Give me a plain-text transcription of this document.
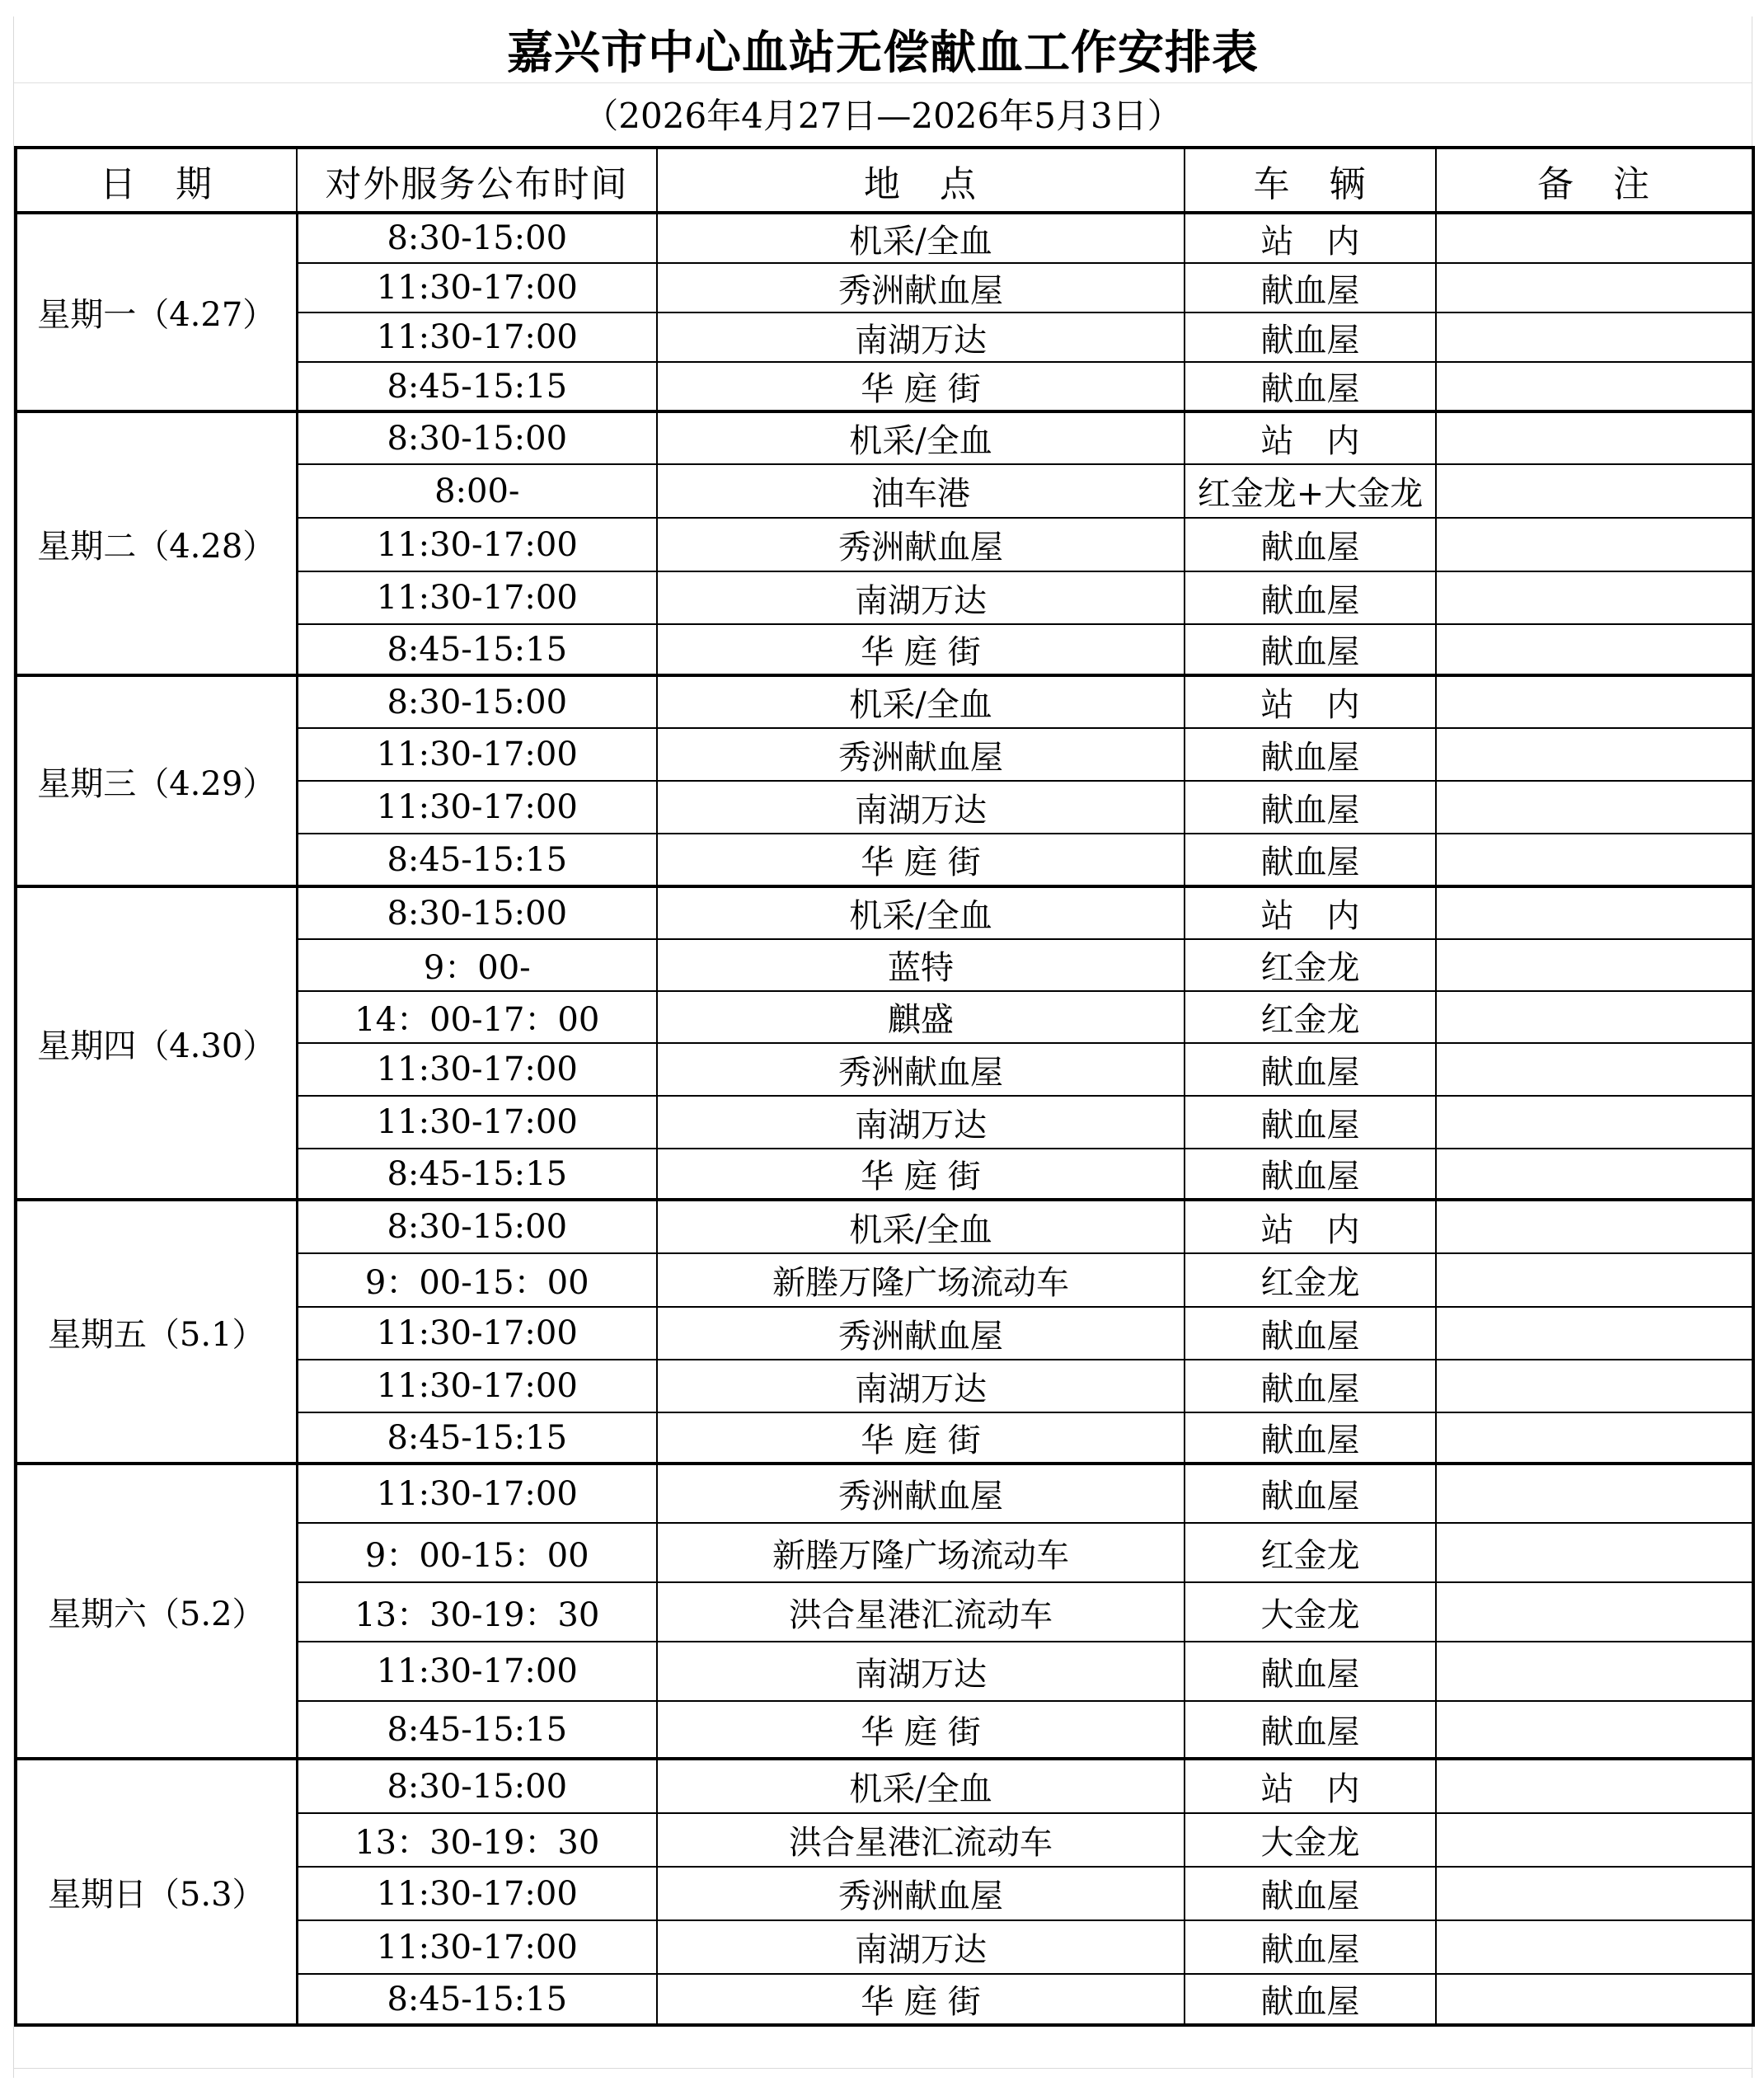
嘉兴市中心血站无偿献血工作安排表
（2026年4月27日—2026年5月3日）
日　期	对外服务公布时间	地　点	车　辆	备　注
星期一（4.27）	8:30-15:00	机采/全血	站　内	
	11:30-17:00	秀洲献血屋	献血屋	
	11:30-17:00	南湖万达	献血屋	
	8:45-15:15	华 庭 街	献血屋	
星期二（4.28）	8:30-15:00	机采/全血	站　内	
	8:00-	油车港	红金龙+大金龙	
	11:30-17:00	秀洲献血屋	献血屋	
	11:30-17:00	南湖万达	献血屋	
	8:45-15:15	华 庭 街	献血屋	
星期三（4.29）	8:30-15:00	机采/全血	站　内	
	11:30-17:00	秀洲献血屋	献血屋	
	11:30-17:00	南湖万达	献血屋	
	8:45-15:15	华 庭 街	献血屋	
星期四（4.30）	8:30-15:00	机采/全血	站　内	
	9：00-	蓝特	红金龙	
	14：00-17：00	麒盛	红金龙	
	11:30-17:00	秀洲献血屋	献血屋	
	11:30-17:00	南湖万达	献血屋	
	8:45-15:15	华 庭 街	献血屋	
星期五（5.1）	8:30-15:00	机采/全血	站　内	
	9：00-15：00	新塍万隆广场流动车	红金龙	
	11:30-17:00	秀洲献血屋	献血屋	
	11:30-17:00	南湖万达	献血屋	
	8:45-15:15	华 庭 街	献血屋	
星期六（5.2）	11:30-17:00	秀洲献血屋	献血屋	
	9：00-15：00	新塍万隆广场流动车	红金龙	
	13：30-19：30	洪合星港汇流动车	大金龙	
	11:30-17:00	南湖万达	献血屋	
	8:45-15:15	华 庭 街	献血屋	
星期日（5.3）	8:30-15:00	机采/全血	站　内	
	13：30-19：30	洪合星港汇流动车	大金龙	
	11:30-17:00	秀洲献血屋	献血屋	
	11:30-17:00	南湖万达	献血屋	
	8:45-15:15	华 庭 街	献血屋	
